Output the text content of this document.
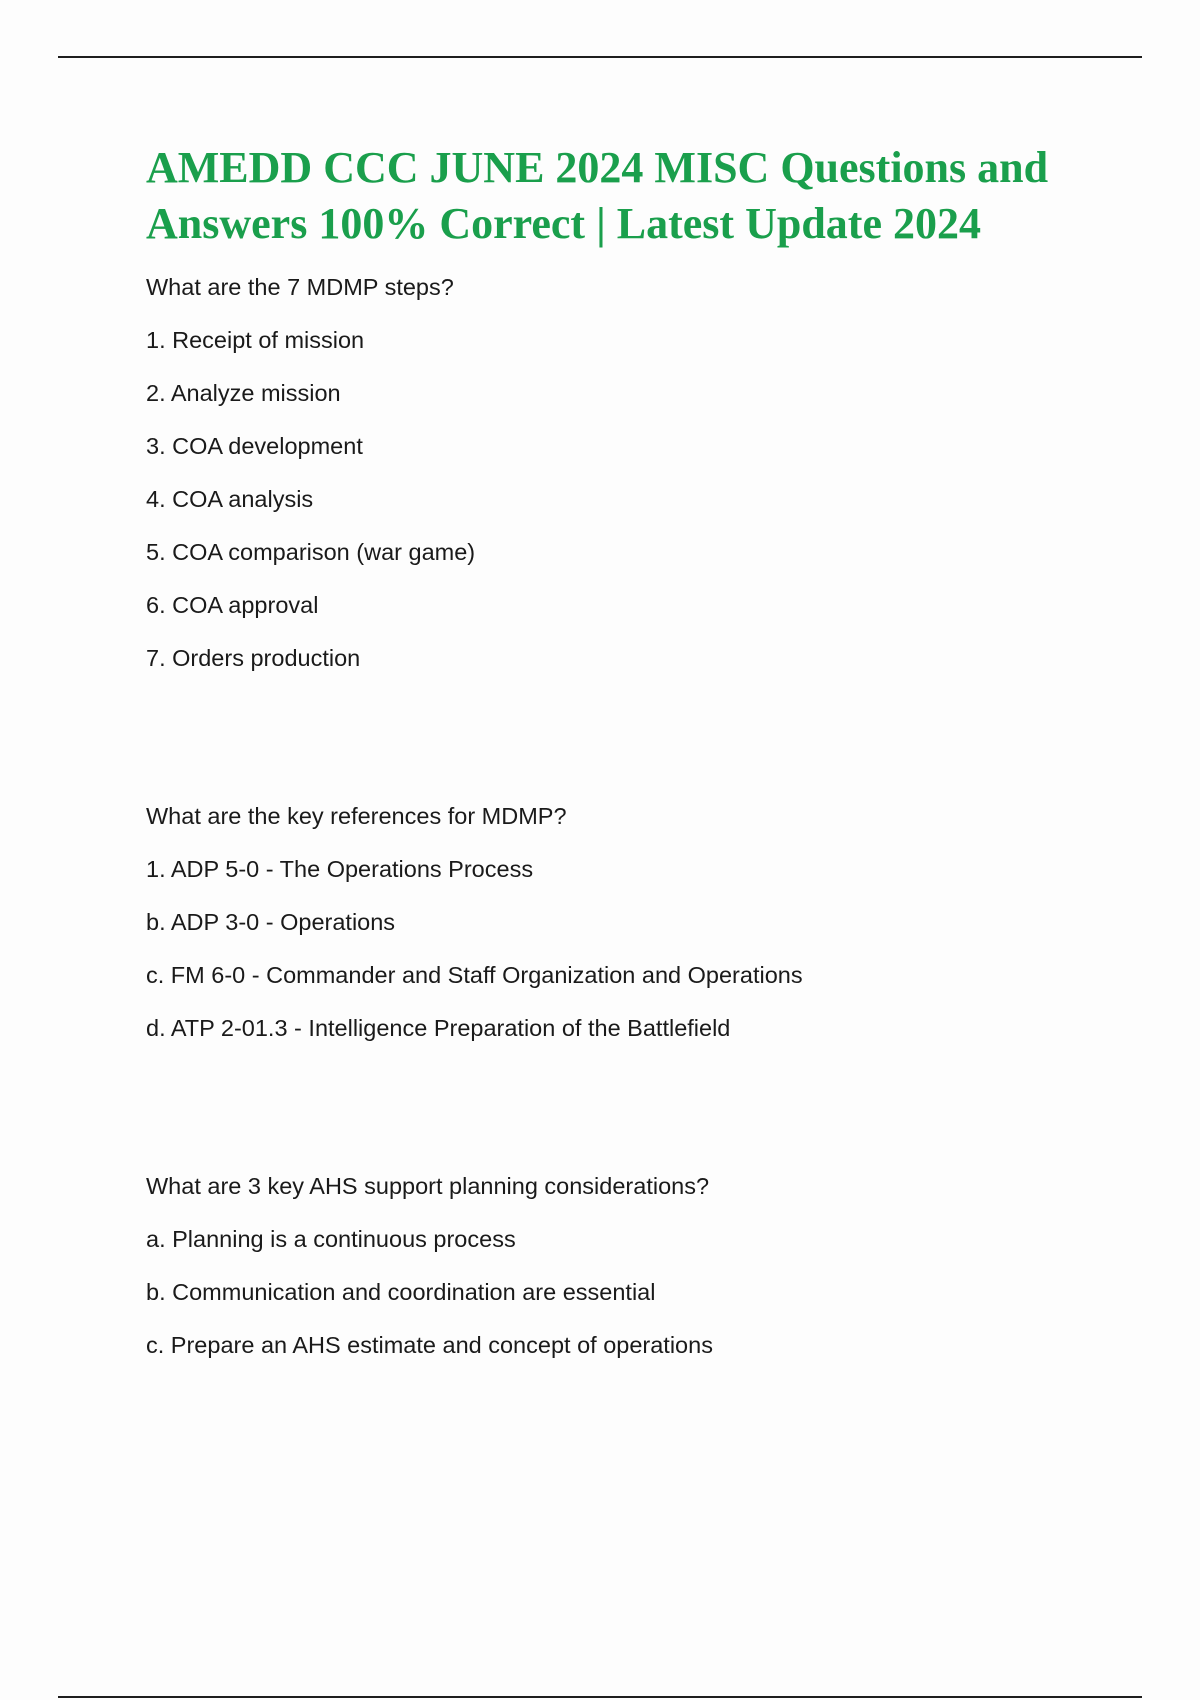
AMEDD CCC JUNE 2024 MISC Questions and Answers 100% Correct | Latest Update 2024

What are the 7 MDMP steps?

1. Receipt of mission

2. Analyze mission

3. COA development

4. COA analysis

5. COA comparison (war game)

6. COA approval

7. Orders production

What are the key references for MDMP?

1. ADP 5-0 - The Operations Process

b. ADP 3-0 - Operations

c. FM 6-0 - Commander and Staff Organization and Operations

d. ATP 2-01.3 - Intelligence Preparation of the Battlefield

What are 3 key AHS support planning considerations?

a. Planning is a continuous process

b. Communication and coordination are essential

c. Prepare an AHS estimate and concept of operations
